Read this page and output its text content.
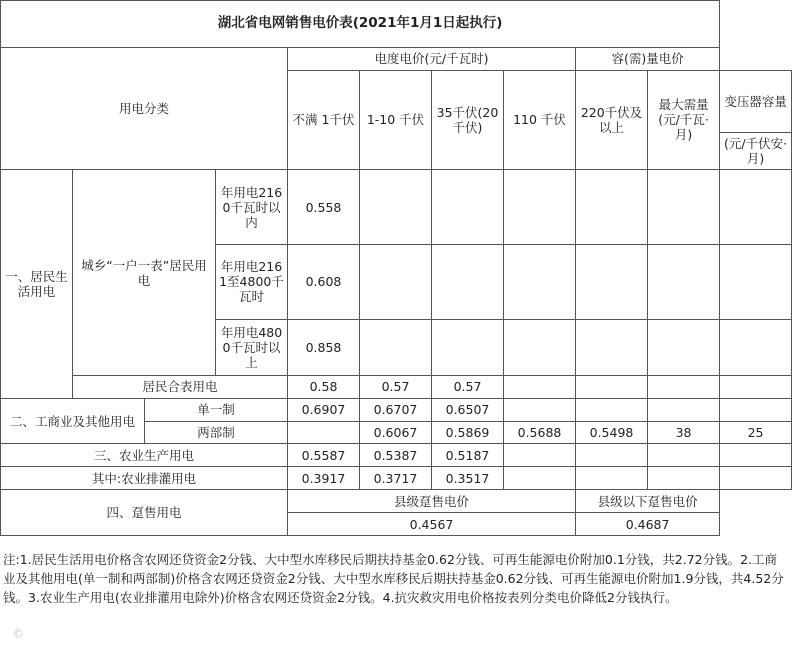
湖北省电网销售电价表(2021年1月1日起执行)										
用电分类				电度电价(元/千瓦时)				容(需)量电价		
				不满 1千伏	1-10 千伏	35千伏(20千伏)	110 千伏	220千伏及以上	最大需量(元/千瓦·月)	变压器容量
										(元/千伏安·月)
一、居民生活用电	城乡“一户一表”居民用电		年用电2160千瓦时以内	0.558						
			年用电2161至4800千瓦时	0.608						
			年用电4800千瓦时以上	0.858						
	居民合表用电			0.58	0.57	0.57				
二、工商业及其他用电		单一制		0.6907	0.6707	0.6507				
		两部制			0.6067	0.5869	0.5688	0.5498	38	25
三、农业生产用电				0.5587	0.5387	0.5187				
其中:农业排灌用电				0.3917	0.3717	0.3517				
四、趸售用电				县级趸售电价				县级以下趸售电价		
				0.4567				0.4687		
注:1.居民生活用电价格含农网还贷资金2分钱、大中型水库移民后期扶持基金0.62分钱、可再生能源电价附加0.1分钱，共2.72分钱。2.工商业及其他用电(单一制和两部制)价格含农网还贷资金2分钱、大中型水库移民后期扶持基金0.62分钱、可再生能源电价附加1.9分钱，共4.52分钱。3.农业生产用电(农业排灌用电除外)价格含农网还贷资金2分钱。4.抗灾救灾用电价格按表列分类电价降低2分钱执行。
©
